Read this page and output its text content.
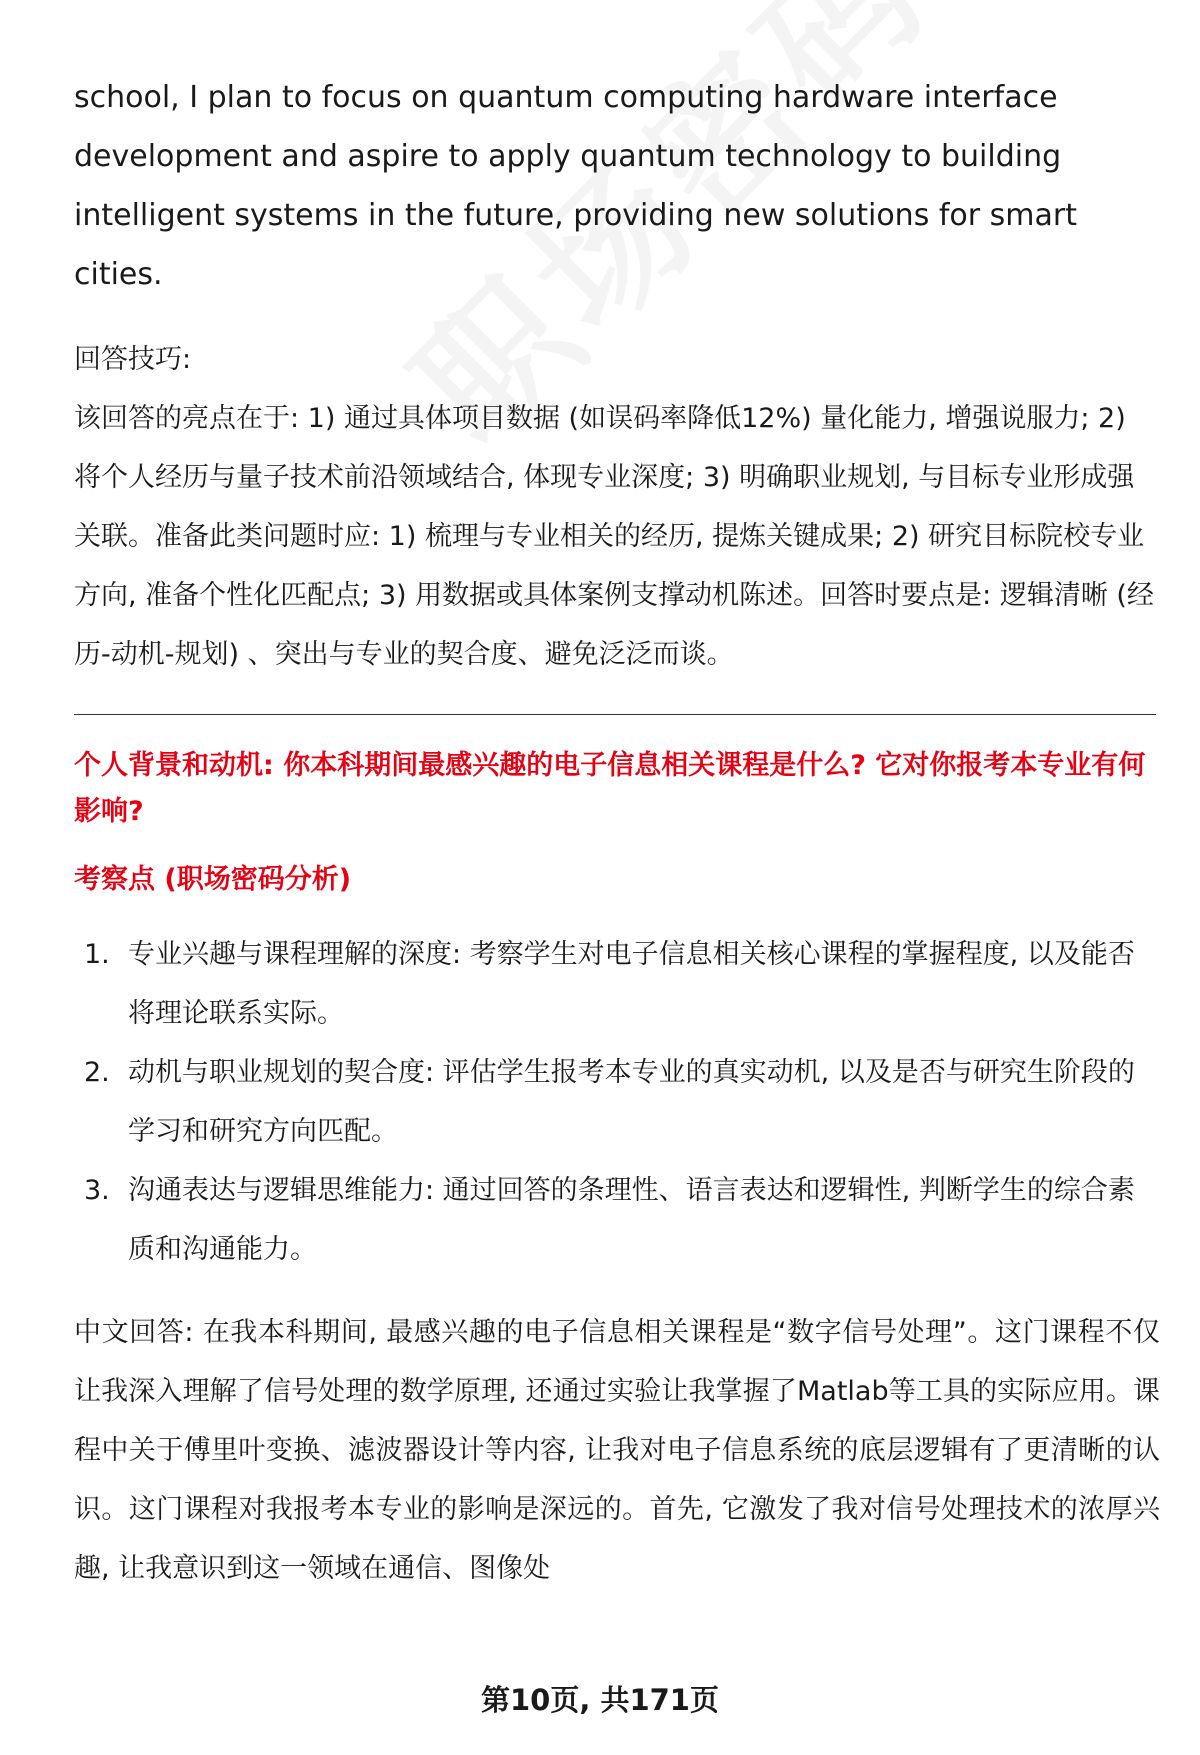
school, I plan to focus on quantum computing hardware interface development and aspire to apply quantum technology to building intelligent systems in the future, providing new solutions for smart cities.

回答技巧:

该回答的亮点在于: 1) 通过具体项目数据 (如误码率降低12%) 量化能力, 增强说服力; 2) 将个人经历与量子技术前沿领域结合, 体现专业深度; 3) 明确职业规划, 与目标专业形成强关联。准备此类问题时应: 1) 梳理与专业相关的经历, 提炼关键成果; 2) 研究目标院校专业方向, 准备个性化匹配点; 3) 用数据或具体案例支撑动机陈述。回答时要点是: 逻辑清晰 (经历-动机-规划) 、突出与专业的契合度、避免泛泛而谈。

个人背景和动机: 你本科期间最感兴趣的电子信息相关课程是什么? 它对你报考本专业有何影响?

考察点 (职场密码分析)

1. 专业兴趣与课程理解的深度: 考察学生对电子信息相关核心课程的掌握程度, 以及能否将理论联系实际。
2. 动机与职业规划的契合度: 评估学生报考本专业的真实动机, 以及是否与研究生阶段的学习和研究方向匹配。
3. 沟通表达与逻辑思维能力: 通过回答的条理性、语言表达和逻辑性, 判断学生的综合素质和沟通能力。

中文回答: 在我本科期间, 最感兴趣的电子信息相关课程是“数字信号处理”。这门课程不仅让我深入理解了信号处理的数学原理, 还通过实验让我掌握了Matlab等工具的实际应用。课程中关于傅里叶变换、滤波器设计等内容, 让我对电子信息系统的底层逻辑有了更清晰的认识。这门课程对我报考本专业的影响是深远的。首先, 它激发了我对信号处理技术的浓厚兴趣, 让我意识到这一领域在通信、图像处

第10页, 共171页
